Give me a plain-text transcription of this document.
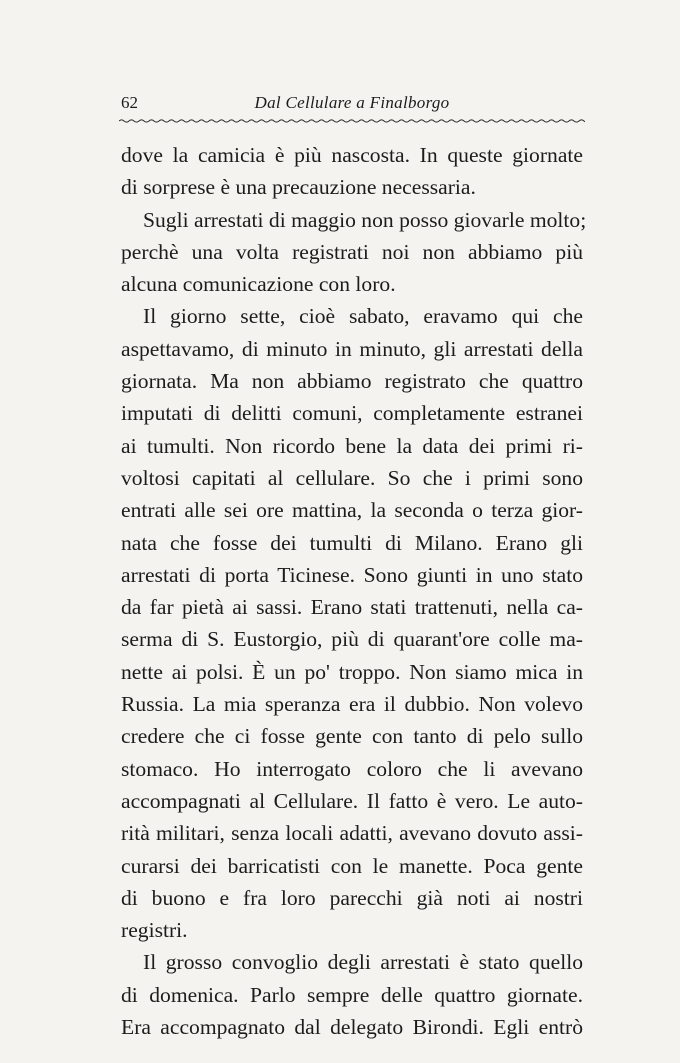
62	Dal Cellulare a Finalborgo
dove la camicia è più nascosta. In queste giornate
di sorprese è una precauzione necessaria.
Sugli arrestati di maggio non posso giovarle molto;
perchè una volta registrati noi non abbiamo più
alcuna comunicazione con loro.
Il giorno sette, cioè sabato, eravamo qui che
aspettavamo, di minuto in minuto, gli arrestati della
giornata. Ma non abbiamo registrato che quattro
imputati di delitti comuni, completamente estranei
ai tumulti. Non ricordo bene la data dei primi ri-
voltosi capitati al cellulare. So che i primi sono
entrati alle sei ore mattina, la seconda o terza gior-
nata che fosse dei tumulti di Milano. Erano gli
arrestati di porta Ticinese. Sono giunti in uno stato
da far pietà ai sassi. Erano stati trattenuti, nella ca-
serma di S. Eustorgio, più di quarant'ore colle ma-
nette ai polsi. È un po' troppo. Non siamo mica in
Russia. La mia speranza era il dubbio. Non volevo
credere che ci fosse gente con tanto di pelo sullo
stomaco. Ho interrogato coloro che li avevano
accompagnati al Cellulare. Il fatto è vero. Le auto-
rità militari, senza locali adatti, avevano dovuto assi-
curarsi dei barricatisti con le manette. Poca gente
di buono e fra loro parecchi già noti ai nostri
registri.
Il grosso convoglio degli arrestati è stato quello
di domenica. Parlo sempre delle quattro giornate.
Era accompagnato dal delegato Birondi. Egli entrò
